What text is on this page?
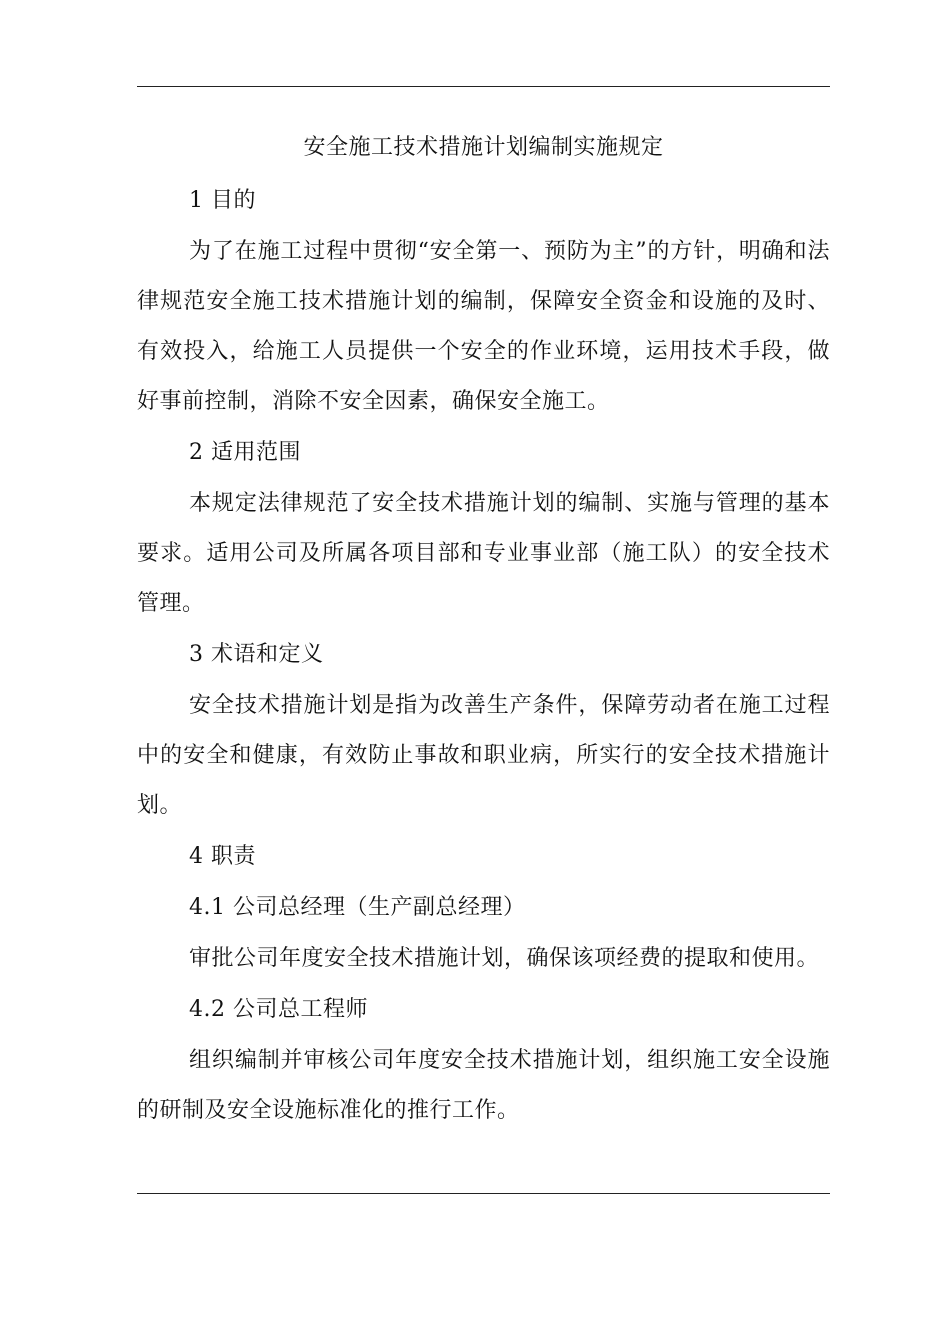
安全施工技术措施计划编制实施规定
1 目的
为了在施工过程中贯彻“安全第一、预防为主”的方针，明确和法律规范安全施工技术措施计划的编制，保障安全资金和设施的及时、有效投入，给施工人员提供一个安全的作业环境，运用技术手段，做好事前控制，消除不安全因素，确保安全施工。
2 适用范围
本规定法律规范了安全技术措施计划的编制、实施与管理的基本要求。适用公司及所属各项目部和专业事业部（施工队）的安全技术管理。
3 术语和定义
安全技术措施计划是指为改善生产条件，保障劳动者在施工过程中的安全和健康，有效防止事故和职业病，所实行的安全技术措施计划。
4 职责
4.1 公司总经理（生产副总经理）
审批公司年度安全技术措施计划，确保该项经费的提取和使用。
4.2 公司总工程师
组织编制并审核公司年度安全技术措施计划，组织施工安全设施的研制及安全设施标准化的推行工作。
